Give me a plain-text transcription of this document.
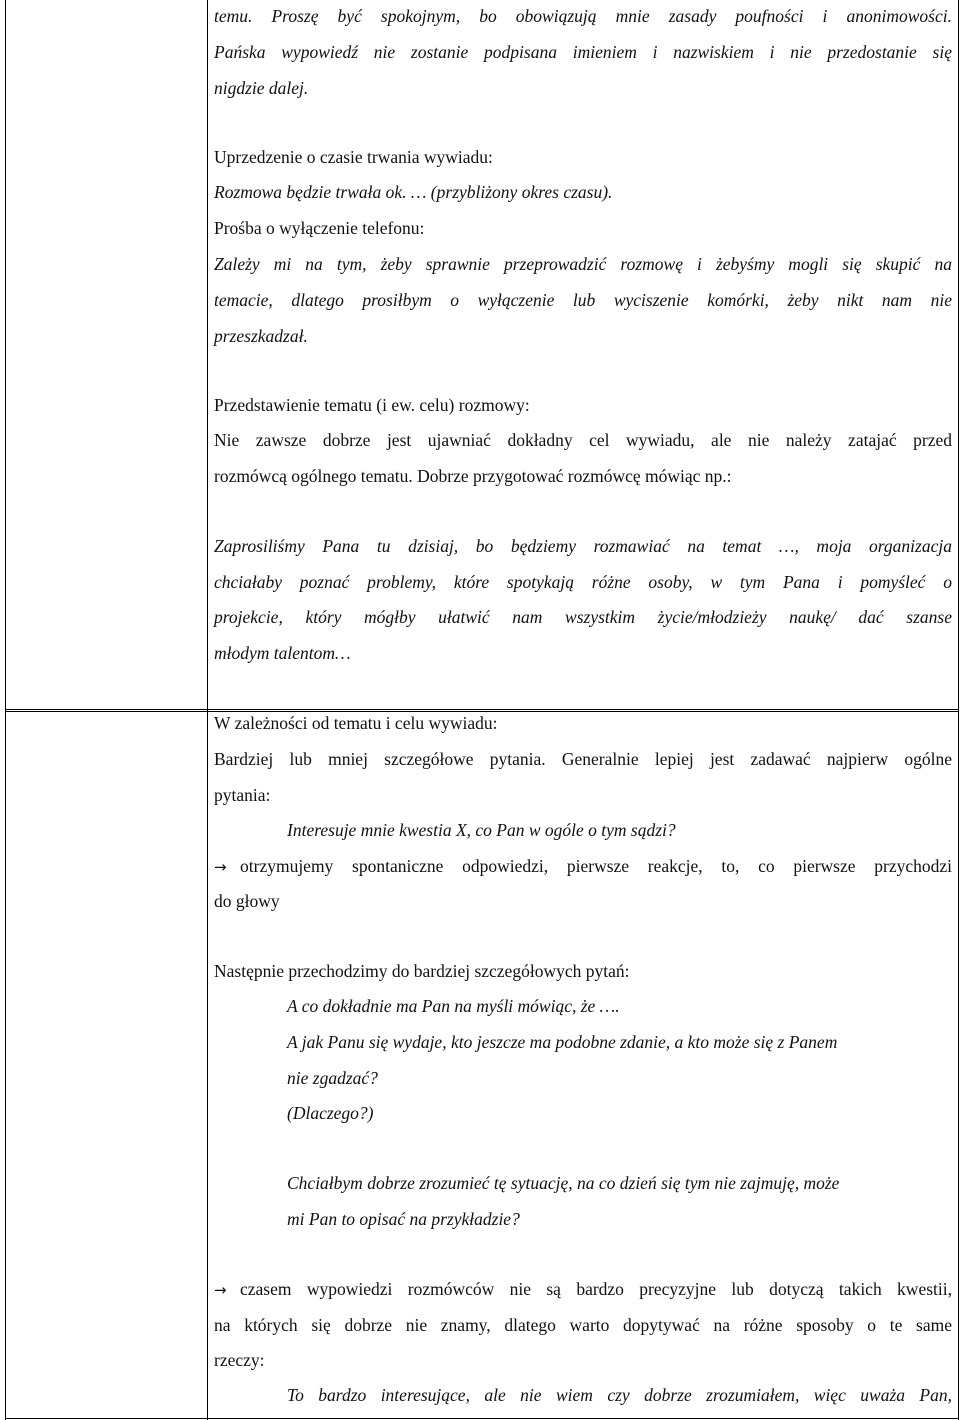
temu. Proszę być spokojnym, bo obowiązują mnie zasady poufności i anonimowości.

Pańska wypowiedź nie zostanie podpisana imieniem i nazwiskiem i nie przedostanie się

nigdzie dalej.

Uprzedzenie o czasie trwania wywiadu:

Rozmowa będzie trwała ok. … (przybliżony okres czasu).

Prośba o wyłączenie telefonu:

Zależy mi na tym, żeby sprawnie przeprowadzić rozmowę i żebyśmy mogli się skupić na

temacie, dlatego prosiłbym o wyłączenie lub wyciszenie komórki, żeby nikt nam nie

przeszkadzał.

Przedstawienie tematu (i ew. celu) rozmowy:

Nie zawsze dobrze jest ujawniać dokładny cel wywiadu, ale nie należy zatajać przed

rozmówcą ogólnego tematu. Dobrze przygotować rozmówcę mówiąc np.:

Zaprosiliśmy Pana tu dzisiaj, bo będziemy rozmawiać na temat …, moja organizacja

chciałaby poznać problemy, które spotykają różne osoby, w tym Pana i pomyśleć o

projekcie, który mógłby ułatwić nam wszystkim życie/młodzieży naukę/ dać szanse

młodym talentom…

W zależności od tematu i celu wywiadu:

Bardziej lub mniej szczegółowe pytania. Generalnie lepiej jest zadawać najpierw ogólne

pytania:

Interesuje mnie kwestia X, co Pan w ogóle o tym sądzi?

otrzymujemy spontaniczne odpowiedzi, pierwsze reakcje, to, co pierwsze przychodzi

→

do głowy

Następnie przechodzimy do bardziej szczegółowych pytań:

A co dokładnie ma Pan na myśli mówiąc, że ….

A jak Panu się wydaje, kto jeszcze ma podobne zdanie, a kto może się z Panem

nie zgadzać?

(Dlaczego?)

Chciałbym dobrze zrozumieć tę sytuację, na co dzień się tym nie zajmuję, może

mi Pan to opisać na przykładzie?

→ czasem wypowiedzi rozmówców nie są bardzo precyzyjne lub dotyczą takich kwestii,

na których się dobrze nie znamy, dlatego warto dopytywać na różne sposoby o te same

rzeczy:

To bardzo interesujące, ale nie wiem czy dobrze zrozumiałem, więc uważa Pan,
